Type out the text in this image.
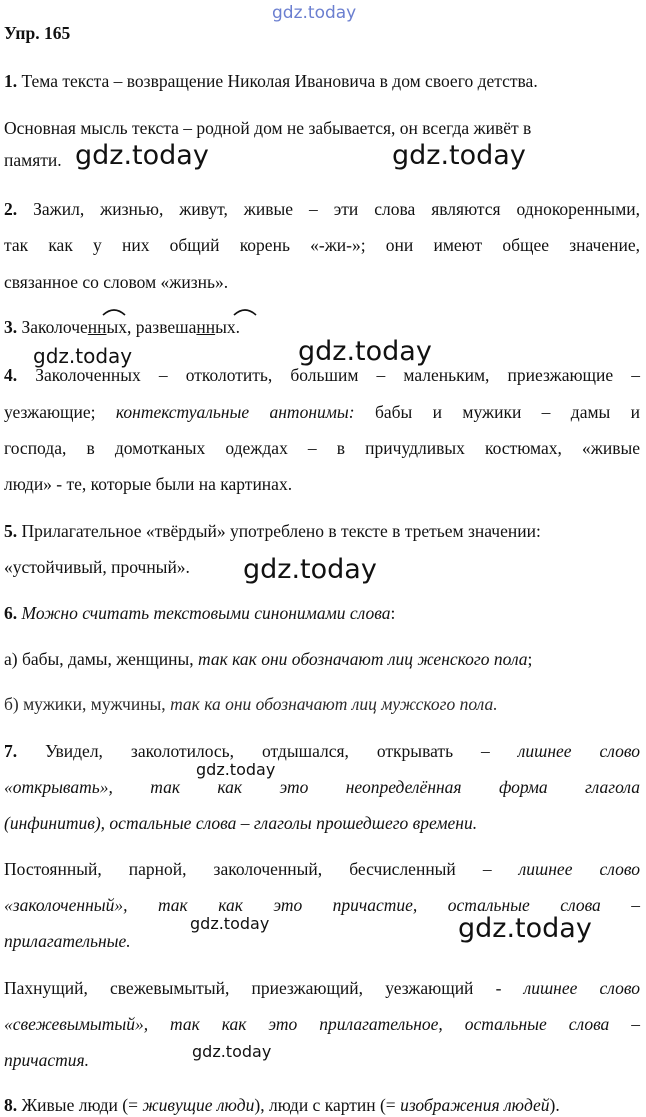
gdz.today
Упр. 165
1. Тема текста – возвращение Николая Ивановича в дом своего детства.
Основная мысль текста – родной дом не забывается, он всегда живёт в
памяти. gdz.today	gdz.today
2. Зажил, жизнью, живут, живые – эти слова являются однокоренными,
так как у них общий корень «-жи-»; они имеют общее значение,
связанное со словом «жизнь».
3. Заколоченных, развешанных.
gdz.today	gdz.today
4. Заколоченных – отколотить, большим – маленьким, приезжающие –
уезжающие; контекстуальные антонимы: бабы и мужики – дамы и
господа, в домотканых одеждах – в причудливых костюмах, «живые
люди» - те, которые были на картинах.
5. Прилагательное «твёрдый» употреблено в тексте в третьем значении:
«устойчивый, прочный». gdz.today
6. Можно считать текстовыми синонимами слова:
а) бабы, дамы, женщины, так как они обозначают лиц женского пола;
б) мужики, мужчины, так ка они обозначают лиц мужского пола.
7. Увидел, заколотилось, отдышался, открывать – лишнее слово
gdz.today
«открывать», так как это неопределённая форма глагола
(инфинитив), остальные слова – глаголы прошедшего времени.
Постоянный, парной, заколоченный, бесчисленный – лишнее слово
«заколоченный», так как это причастие, остальные слова –
прилагательные.
gdz.today	gdz.today
Пахнущий, свежевымытый, приезжающий, уезжающий - лишнее слово
«свежевымытый», так как это прилагательное, остальные слова –
причастия.	gdz.today
8. Живые люди (= живущие люди), люди с картин (= изображения людей).
